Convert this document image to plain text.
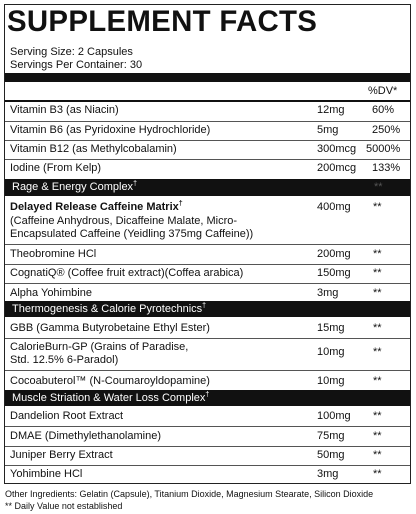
SUPPLEMENT FACTS
Serving Size: 2 Capsules
Servings Per Container: 30
%DV*
Vitamin B3 (as Niacin)	12mg 60%
Vitamin B6 (as Pyridoxine Hydrochloride)	5mg	250%
Vitamin B12 (as Methylcobalamin)	300mcg 5000%
Iodine (From Kelp)	200mcg 133%
Rage & Energy Complex†	**
Delayed Release Caffeine Matrix†	400mg **
(Caffeine Anhydrous, Dicaffeine Malate, Micro-
Encapsulated Caffeine (Yeidling 375mg Caffeine))
Theobromine HCl	200mg **
CognatiQ® (Coffee fruit extract)(Coffea arabica)	150mg **
Alpha Yohimbine	3mg	**
Thermogenesis & Calorie Pyrotechnics†
GBB (Gamma Butyrobetaine Ethyl Ester)	15mg	**
CalorieBurn-GP (Grains of Paradise,	10mg	**
Std. 12.5% 6-Paradol)
Cocoabuterol™ (N-Coumaroyldopamine)	10mg	**
Muscle Striation & Water Loss Complex†
Dandelion Root Extract	100mg **
DMAE (Dimethylethanolamine)	75mg	**
Juniper Berry Extract	50mg	**
Yohimbine HCl	3mg	**
Other Ingredients: Gelatin (Capsule), Titanium Dioxide, Magnesium Stearate, Silicon Dioxide
** Daily Value not established
